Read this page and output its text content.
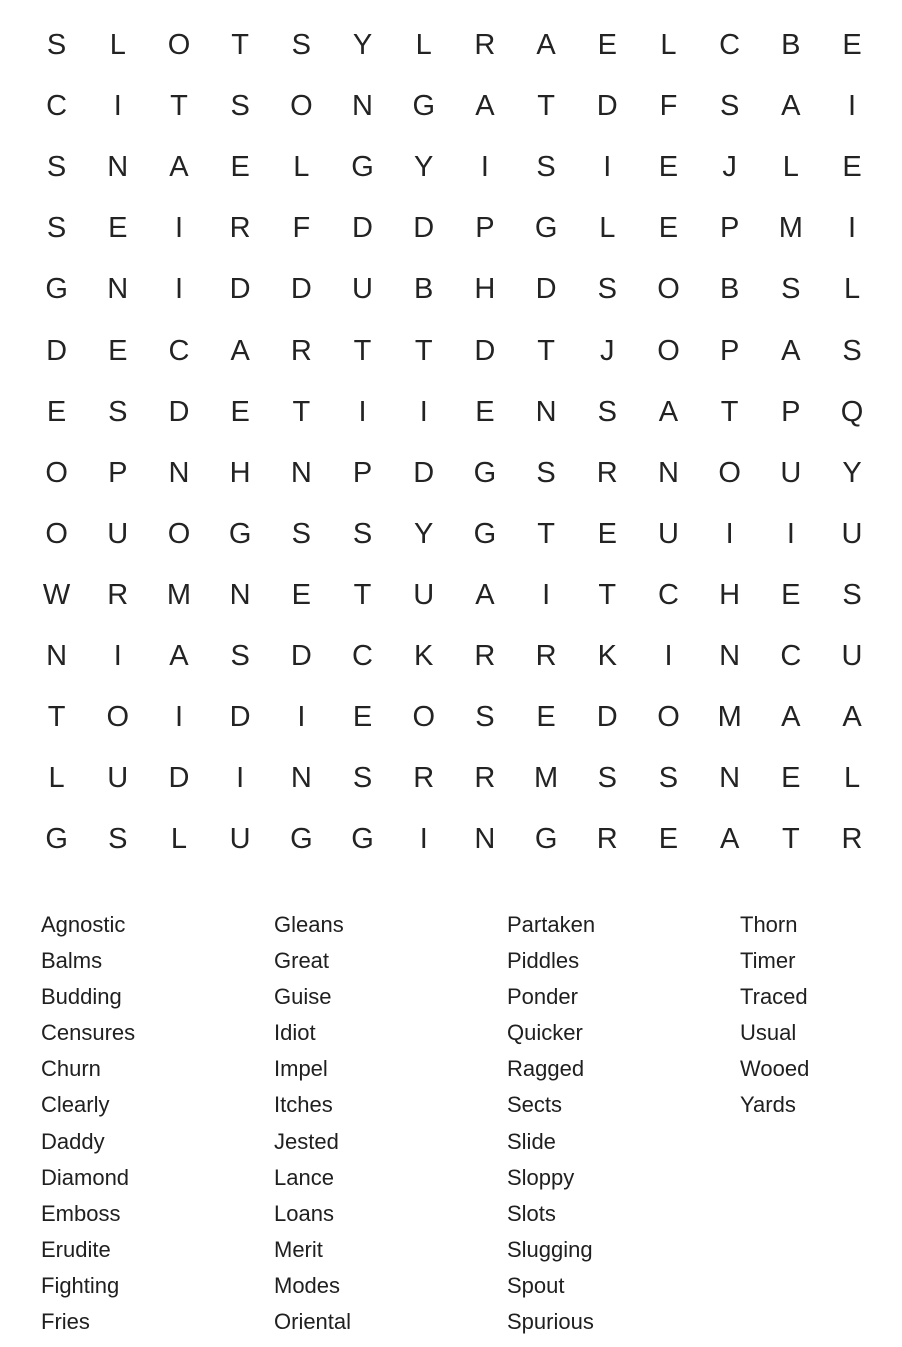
S	L	O	T	S	Y	L	R	A	E	L	C	B	E
C	I	T	S	O	N	G	A	T	D	F	S	A	I
S	N	A	E	L	G	Y	I	S	I	E	J	L	E
S	E	I	R	F	D	D	P	G	L	E	P	M	I
G	N	I	D	D	U	B	H	D	S	O	B	S	L
D	E	C	A	R	T	T	D	T	J	O	P	A	S
E	S	D	E	T	I	I	E	N	S	A	T	P	Q
O	P	N	H	N	P	D	G	S	R	N	O	U	Y
O	U	O	G	S	S	Y	G	T	E	U	I	I	U
W	R	M	N	E	T	U	A	I	T	C	H	E	S
N	I	A	S	D	C	K	R	R	K	I	N	C	U
T	O	I	D	I	E	O	S	E	D	O	M	A	A
L	U	D	I	N	S	R	R	M	S	S	N	E	L
G	S	L	U	G	G	I	N	G	R	E	A	T	R
Agnostic
Balms
Budding
Censures
Churn
Clearly
Daddy
Diamond
Emboss
Erudite
Fighting
Fries
Gleans
Great
Guise
Idiot
Impel
Itches
Jested
Lance
Loans
Merit
Modes
Oriental
Partaken
Piddles
Ponder
Quicker
Ragged
Sects
Slide
Sloppy
Slots
Slugging
Spout
Spurious
Thorn
Timer
Traced
Usual
Wooed
Yards
